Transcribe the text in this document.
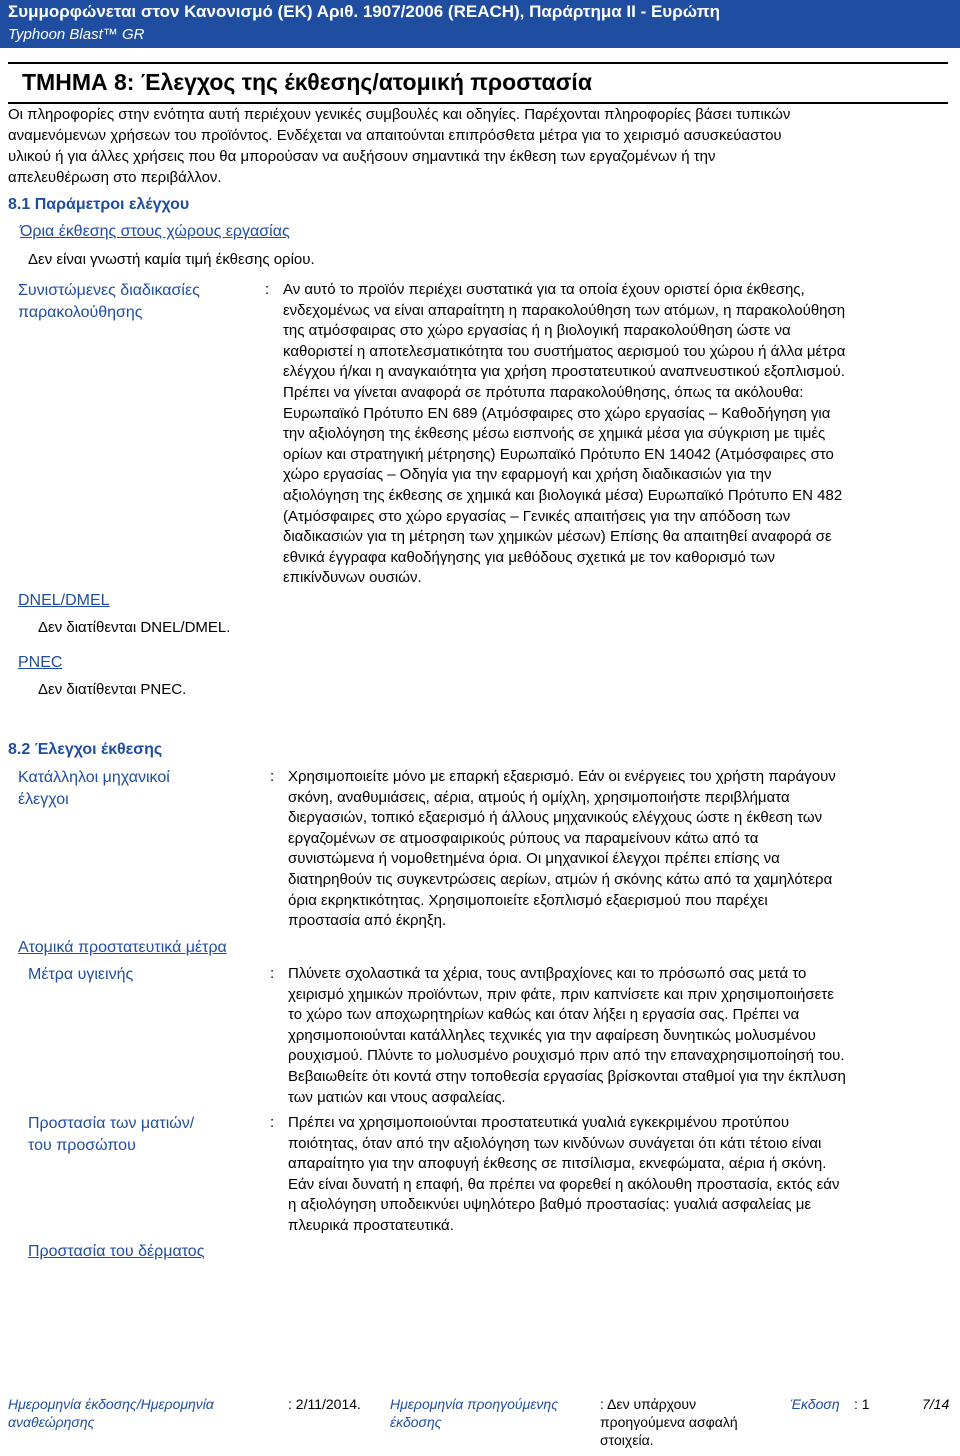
Συμμορφώνεται στον Κανονισμό (ΕΚ) Αριθ. 1907/2006 (REACH), Παράρτημα II - Ευρώπη
Typhoon Blast™ GR
ΤΜΗΜΑ 8: Έλεγχος της έκθεσης/ατομική προστασία
Οι πληροφορίες στην ενότητα αυτή περιέχουν γενικές συμβουλές και οδηγίες. Παρέχονται πληροφορίες βάσει τυπικών
αναμενόμενων χρήσεων του προϊόντος. Ενδέχεται να απαιτούνται επιπρόσθετα μέτρα για το χειρισμό ασυσκεύαστου
υλικού ή για άλλες χρήσεις που θα μπορούσαν να αυξήσουν σημαντικά την έκθεση των εργαζομένων ή την
απελευθέρωση στο περιβάλλον.
8.1 Παράμετροι ελέγχου
Όρια έκθεσης στους χώρους εργασίας
Δεν είναι γνωστή καμία τιμή έκθεσης ορίου.
Συνιστώμενες διαδικασίες
παρακολούθησης
: Αν αυτό το προϊόν περιέχει συστατικά για τα οποία έχουν οριστεί όρια έκθεσης,
ενδεχομένως να είναι απαραίτητη η παρακολούθηση των ατόμων, η παρακολούθηση
της ατμόσφαιρας στο χώρο εργασίας ή η βιολογική παρακολούθηση ώστε να
καθοριστεί η αποτελεσματικότητα του συστήματος αερισμού του χώρου ή άλλα μέτρα
ελέγχου ή/και η αναγκαιότητα για χρήση προστατευτικού αναπνευστικού εξοπλισμού.
Πρέπει να γίνεται αναφορά σε πρότυπα παρακολούθησης, όπως τα ακόλουθα:
Ευρωπαϊκό Πρότυπο EN 689 (Ατμόσφαιρες στο χώρο εργασίας – Καθοδήγηση για
την αξιολόγηση της έκθεσης μέσω εισπνοής σε χημικά μέσα για σύγκριση με τιμές
ορίων και στρατηγική μέτρησης) Ευρωπαϊκό Πρότυπο EN 14042 (Ατμόσφαιρες στο
χώρο εργασίας – Οδηγία για την εφαρμογή και χρήση διαδικασιών για την
αξιολόγηση της έκθεσης σε χημικά και βιολογικά μέσα) Ευρωπαϊκό Πρότυπο EN 482
(Ατμόσφαιρες στο χώρο εργασίας – Γενικές απαιτήσεις για την απόδοση των
διαδικασιών για τη μέτρηση των χημικών μέσων) Επίσης θα απαιτηθεί αναφορά σε
εθνικά έγγραφα καθοδήγησης για μεθόδους σχετικά με τον καθορισμό των
επικίνδυνων ουσιών.
DNEL/DMEL
Δεν διατίθενται DNEL/DMEL.
PNEC
Δεν διατίθενται PNEC.
8.2 Έλεγχοι έκθεσης
Κατάλληλοι μηχανικοί
έλεγχοι
: Χρησιμοποιείτε μόνο με επαρκή εξαερισμό. Εάν οι ενέργειες του χρήστη παράγουν
σκόνη, αναθυμιάσεις, αέρια, ατμούς ή ομίχλη, χρησιμοποιήστε περιβλήματα
διεργασιών, τοπικό εξαερισμό ή άλλους μηχανικούς ελέγχους ώστε η έκθεση των
εργαζομένων σε ατμοσφαιρικούς ρύπους να παραμείνουν κάτω από τα
συνιστώμενα ή νομοθετημένα όρια. Οι μηχανικοί έλεγχοι πρέπει επίσης να
διατηρηθούν τις συγκεντρώσεις αερίων, ατμών ή σκόνης κάτω από τα χαμηλότερα
όρια εκρηκτικότητας. Χρησιμοποιείτε εξοπλισμό εξαερισμού που παρέχει
προστασία από έκρηξη.
Ατομικά προστατευτικά μέτρα
Μέτρα υγιεινής	: Πλύνετε σχολαστικά τα χέρια, τους αντιβραχίονες και το πρόσωπό σας μετά το
χειρισμό χημικών προϊόντων, πριν φάτε, πριν καπνίσετε και πριν χρησιμοποιήσετε
το χώρο των αποχωρητηρίων καθώς και όταν λήξει η εργασία σας. Πρέπει να
χρησιμοποιούνται κατάλληλες τεχνικές για την αφαίρεση δυνητικώς μολυσμένου
ρουχισμού. Πλύντε το μολυσμένο ρουχισμό πριν από την επαναχρησιμοποίησή του.
Βεβαιωθείτε ότι κοντά στην τοποθεσία εργασίας βρίσκονται σταθμοί για την έκπλυση
των ματιών και ντους ασφαλείας.
Προστασία των ματιών/
του προσώπου
: Πρέπει να χρησιμοποιούνται προστατευτικά γυαλιά εγκεκριμένου προτύπου
ποιότητας, όταν από την αξιολόγηση των κινδύνων συνάγεται ότι κάτι τέτοιο είναι
απαραίτητο για την αποφυγή έκθεσης σε πιτσίλισμα, εκνεφώματα, αέρια ή σκόνη.
Εάν είναι δυνατή η επαφή, θα πρέπει να φορεθεί η ακόλουθη προστασία, εκτός εάν
η αξιολόγηση υποδεικνύει υψηλότερο βαθμό προστασίας: γυαλιά ασφαλείας με
πλευρικά προστατευτικά.
Προστασία του δέρματος
Ημερομηνία έκδοσης/Ημερομηνία
αναθεώρησης
: 2/11/2014. Ημερομηνία προηγούμενης
έκδοσης
: Δεν υπάρχουν
προηγούμενα ασφαλή
στοιχεία.
Έκδοση : 1	7/14
